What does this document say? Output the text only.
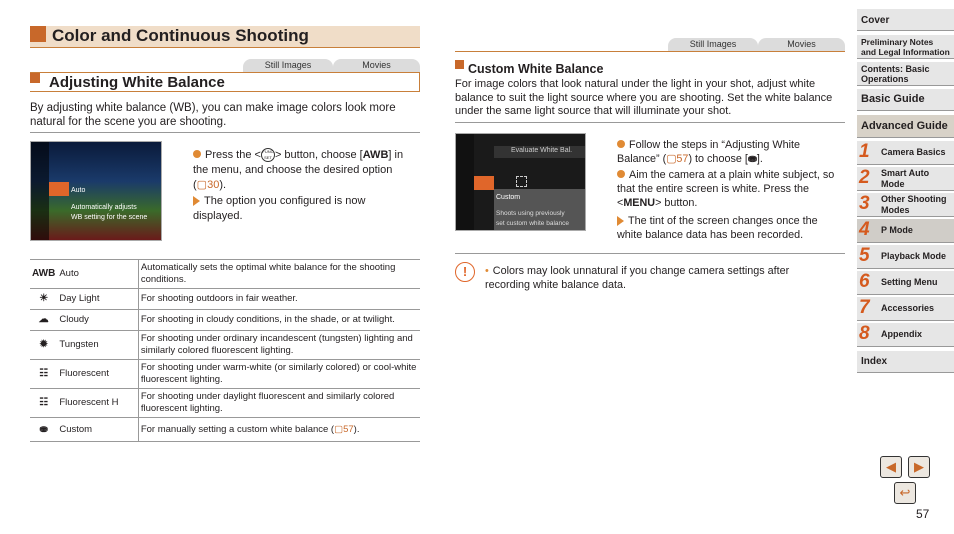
Color and Continuous Shooting
Still Images	Movies
Adjusting White Balance
By adjusting white balance (WB), you can make image colors look more natural for the scene you are shooting.
Auto
Automatically adjusts
WB setting for the scene
Press the <FUNC SET > button, choose [AWB] in the menu, and choose the desired option (▢30).
The option you configured is now displayed.
AWB	Auto	Automatically sets the optimal white balance for the shooting conditions.
☀	Day Light	For shooting outdoors in fair weather.
☁	Cloudy	For shooting in cloudy conditions, in the shade, or at twilight.
✹	Tungsten	For shooting under ordinary incandescent (tungsten) lighting and similarly colored fluorescent lighting.
☷	Fluorescent	For shooting under warm-white (or similarly colored) or cool-white fluorescent lighting.
☷	Fluorescent H	For shooting under daylight fluorescent and similarly colored fluorescent lighting.
⛂	Custom	For manually setting a custom white balance (▢57).
Still Images	Movies
Custom White Balance
For image colors that look natural under the light in your shot, adjust white balance to suit the light source where you are shooting. Set the white balance under the same light source that will illuminate your shot.
Evaluate White Bal.
Custom
Shoots using previously
set custom white balance
Follow the steps in “Adjusting White Balance” (▢57) to choose [⛂].
Aim the camera at a plain white subject, so that the entire screen is white. Press the <MENU> button.
The tint of the screen changes once the white balance data has been recorded.
!	• Colors may look unnatural if you change camera settings after recording white balance data.
Cover
Preliminary Notes and Legal Information
Contents: Basic Operations
Basic Guide
Advanced Guide
1 Camera Basics
2 Smart Auto Mode
3 Other Shooting Modes
4 P Mode
5 Playback Mode
6 Setting Menu
7 Accessories
8 Appendix
Index
◀	▶
↩
57
